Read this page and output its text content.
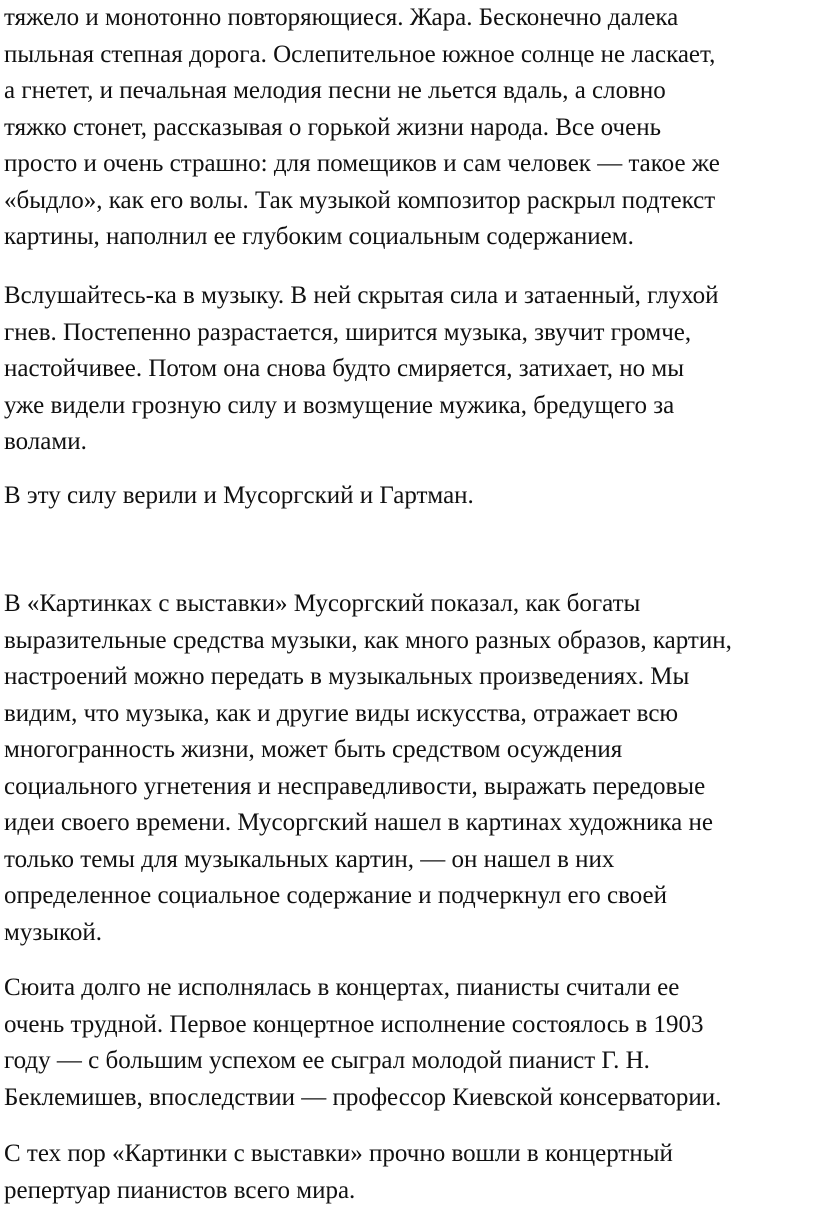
тяжело и монотонно повторяющиеся. Жара. Бесконечно далека
пыльная степная дорога. Ослепительное южное солнце не ласкает,
а гнетет, и печальная мелодия песни не льется вдаль, а словно
тяжко стонет, рассказывая о горькой жизни народа. Все очень
просто и очень страшно: для помещиков и сам человек — такое же
«быдло», как его волы. Так музыкой композитор раскрыл подтекст
картины, наполнил ее глубоким социальным содержанием.

Вслушайтесь-ка в музыку. В ней скрытая сила и затаенный, глухой
гнев. Постепенно разрастается, ширится музыка, звучит громче,
настойчивее. Потом она снова будто смиряется, затихает, но мы
уже видели грозную силу и возмущение мужика, бредущего за
волами.

В эту силу верили и Мусоргский и Гартман.

В «Картинках с выставки» Мусоргский показал, как богаты
выразительные средства музыки, как много разных образов, картин,
настроений можно передать в музыкальных произведениях. Мы
видим, что музыка, как и другие виды искусства, отражает всю
многогранность жизни, может быть средством осуждения
социального угнетения и несправедливости, выражать передовые
идеи своего времени. Мусоргский нашел в картинах художника не
только темы для музыкальных картин, — он нашел в них
определенное социальное содержание и подчеркнул его своей
музыкой.

Сюита долго не исполнялась в концертах, пианисты считали ее
очень трудной. Первое концертное исполнение состоялось в 1903
году — с большим успехом ее сыграл молодой пианист Г. Н.
Беклемишев, впоследствии — профессор Киевской консерватории.

С тех пор «Картинки с выставки» прочно вошли в концертный
репертуар пианистов всего мира.
